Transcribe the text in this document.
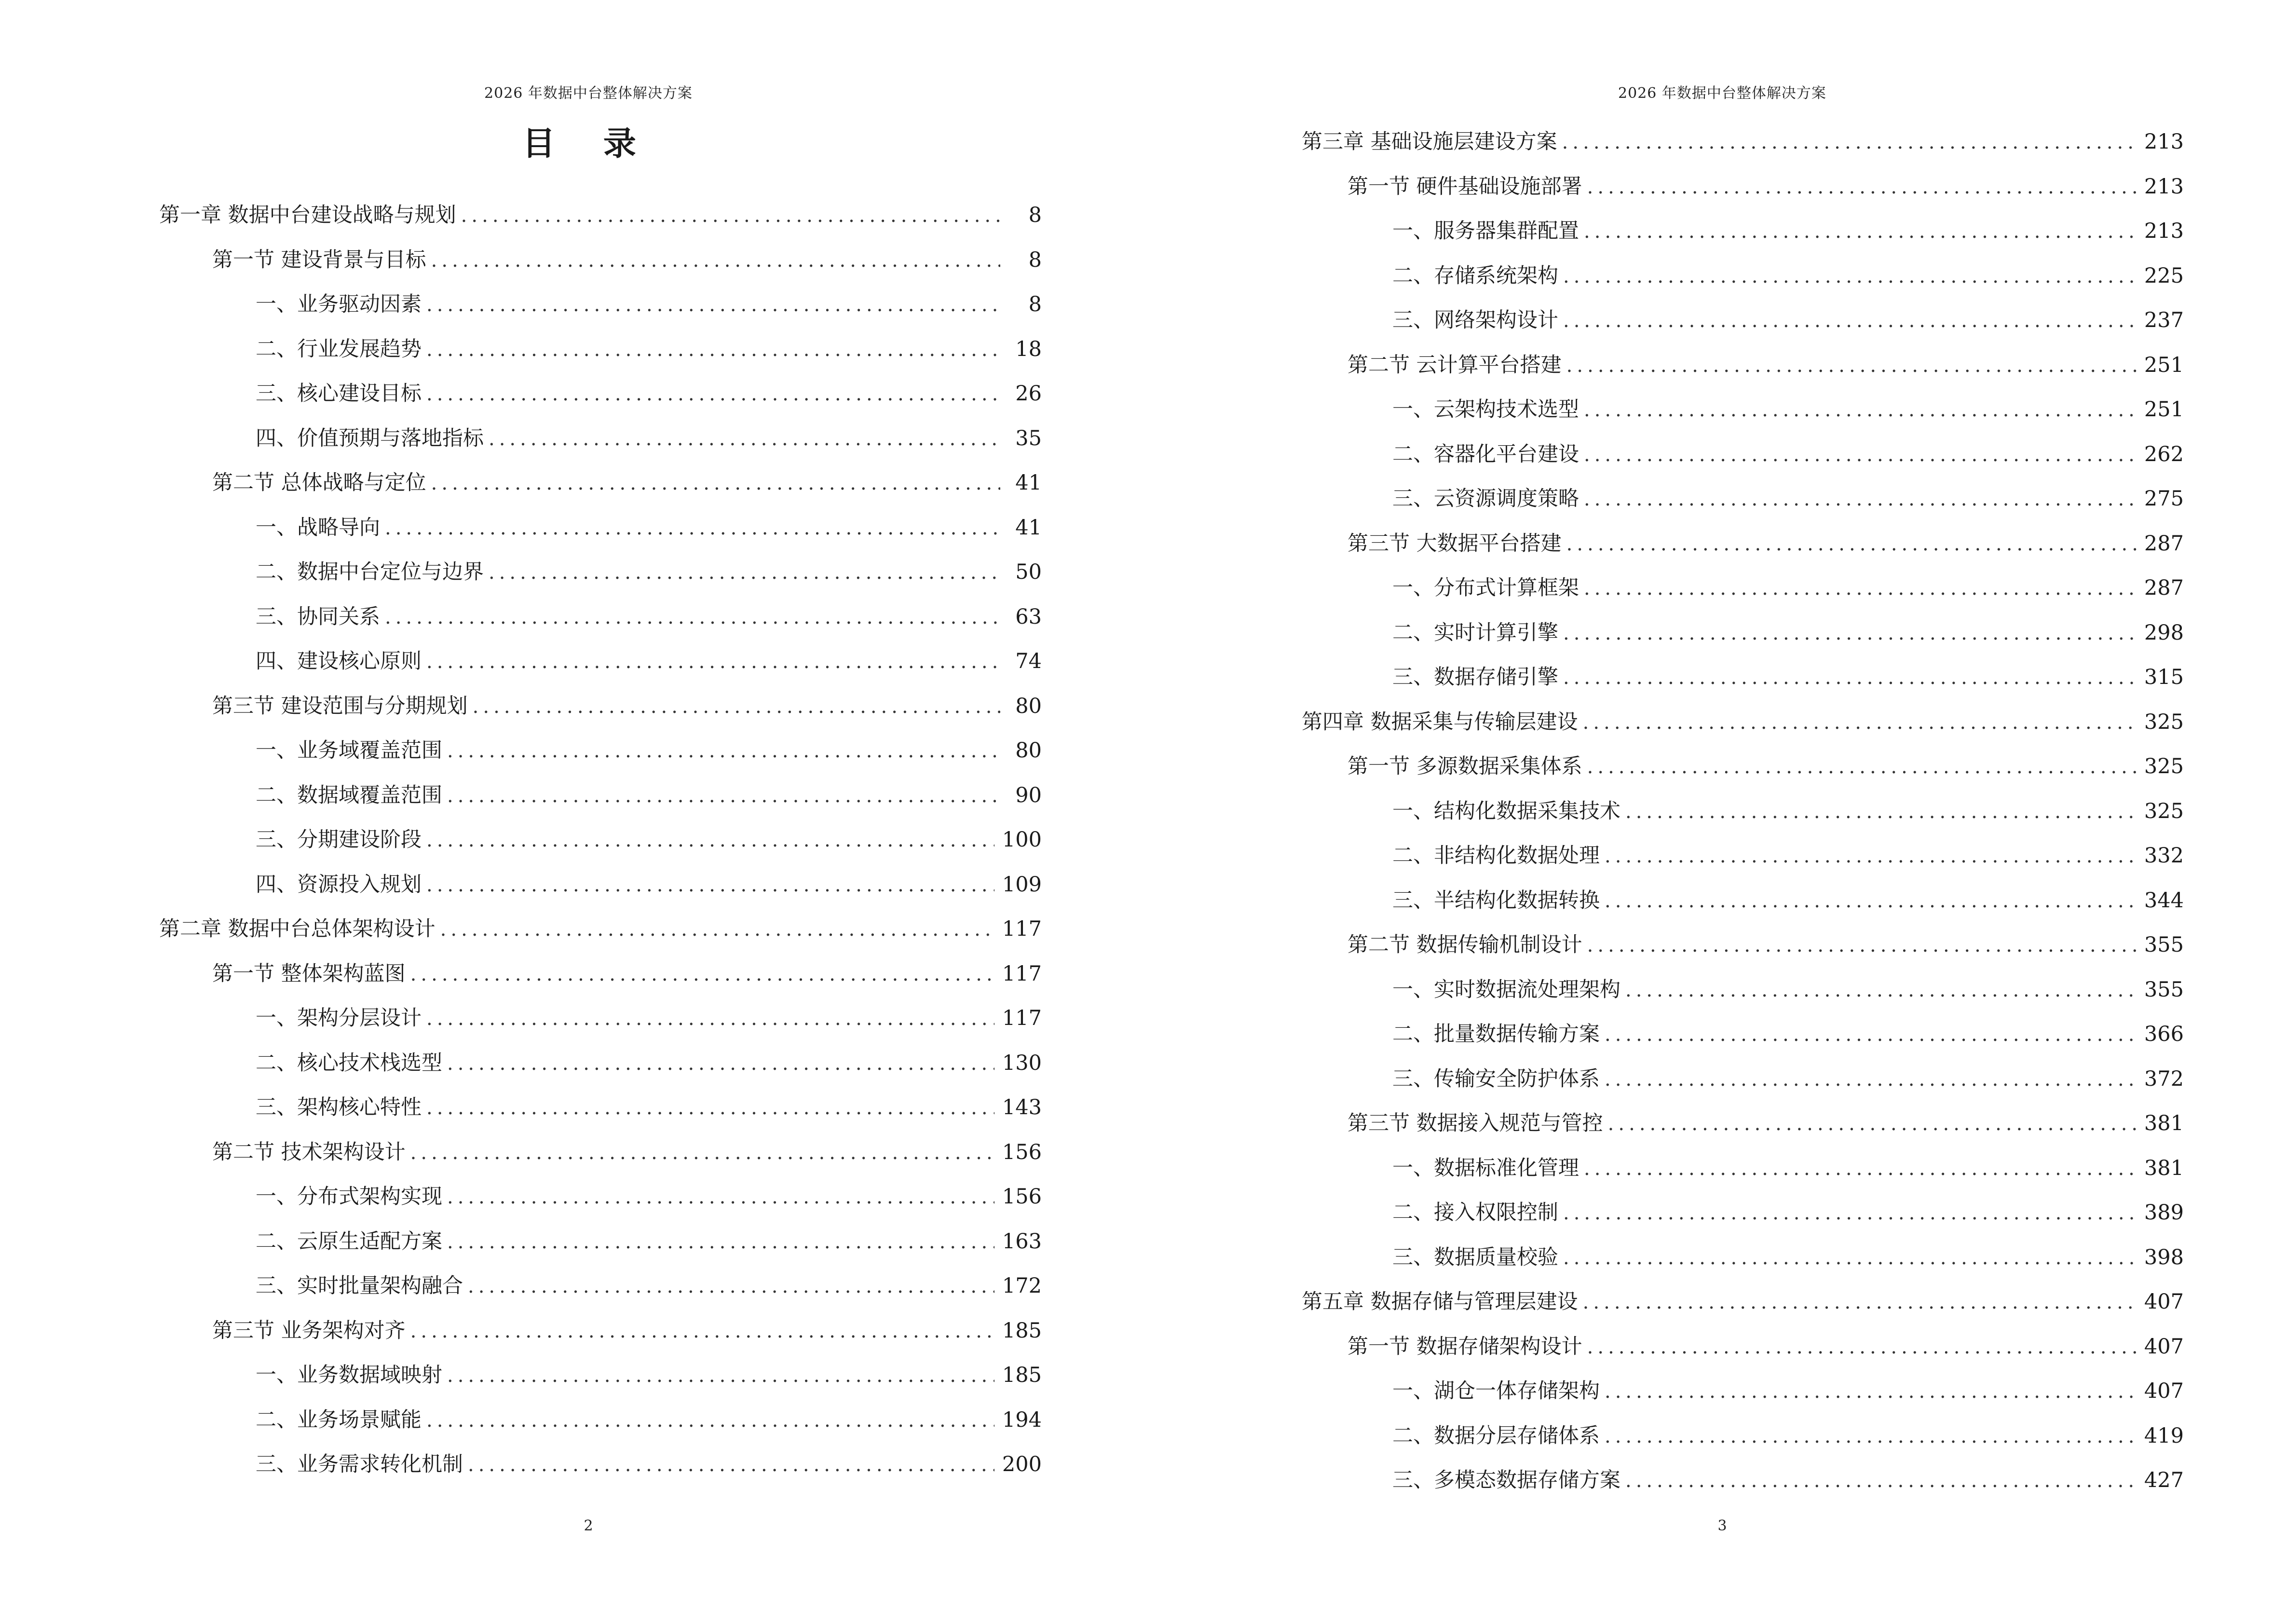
2026 年数据中台整体解决方案
目 录
第一章 数据中台建设战略与规划 .....	8
第一节 建设背景与目标 .....	8
一、业务驱动因素 .....	8
二、行业发展趋势 .....	18
三、核心建设目标 .....	26
四、价值预期与落地指标 .....	35
第二节 总体战略与定位 .....	41
一、战略导向 .....	41
二、数据中台定位与边界 .....	50
三、协同关系 .....	63
四、建设核心原则 .....	74
第三节 建设范围与分期规划 .....	80
一、业务域覆盖范围 .....	80
二、数据域覆盖范围 .....	90
三、分期建设阶段 .....	100
四、资源投入规划 .....	109
第二章 数据中台总体架构设计 .....	117
第一节 整体架构蓝图 .....	117
一、架构分层设计 .....	117
二、核心技术栈选型 .....	130
三、架构核心特性 .....	143
第二节 技术架构设计 .....	156
一、分布式架构实现 .....	156
二、云原生适配方案 .....	163
三、实时批量架构融合 .....	172
第三节 业务架构对齐 .....	185
一、业务数据域映射 .....	185
二、业务场景赋能 .....	194
三、业务需求转化机制 .....	200
2
2026 年数据中台整体解决方案
第三章 基础设施层建设方案 .....	213
第一节 硬件基础设施部署 .....	213
一、服务器集群配置 .....	213
二、存储系统架构 .....	225
三、网络架构设计 .....	237
第二节 云计算平台搭建 .....	251
一、云架构技术选型 .....	251
二、容器化平台建设 .....	262
三、云资源调度策略 .....	275
第三节 大数据平台搭建 .....	287
一、分布式计算框架 .....	287
二、实时计算引擎 .....	298
三、数据存储引擎 .....	315
第四章 数据采集与传输层建设 .....	325
第一节 多源数据采集体系 .....	325
一、结构化数据采集技术 .....	325
二、非结构化数据处理 .....	332
三、半结构化数据转换 .....	344
第二节 数据传输机制设计 .....	355
一、实时数据流处理架构 .....	355
二、批量数据传输方案 .....	366
三、传输安全防护体系 .....	372
第三节 数据接入规范与管控 .....	381
一、数据标准化管理 .....	381
二、接入权限控制 .....	389
三、数据质量校验 .....	398
第五章 数据存储与管理层建设 .....	407
第一节 数据存储架构设计 .....	407
一、湖仓一体存储架构 .....	407
二、数据分层存储体系 .....	419
三、多模态数据存储方案 .....	427
3
